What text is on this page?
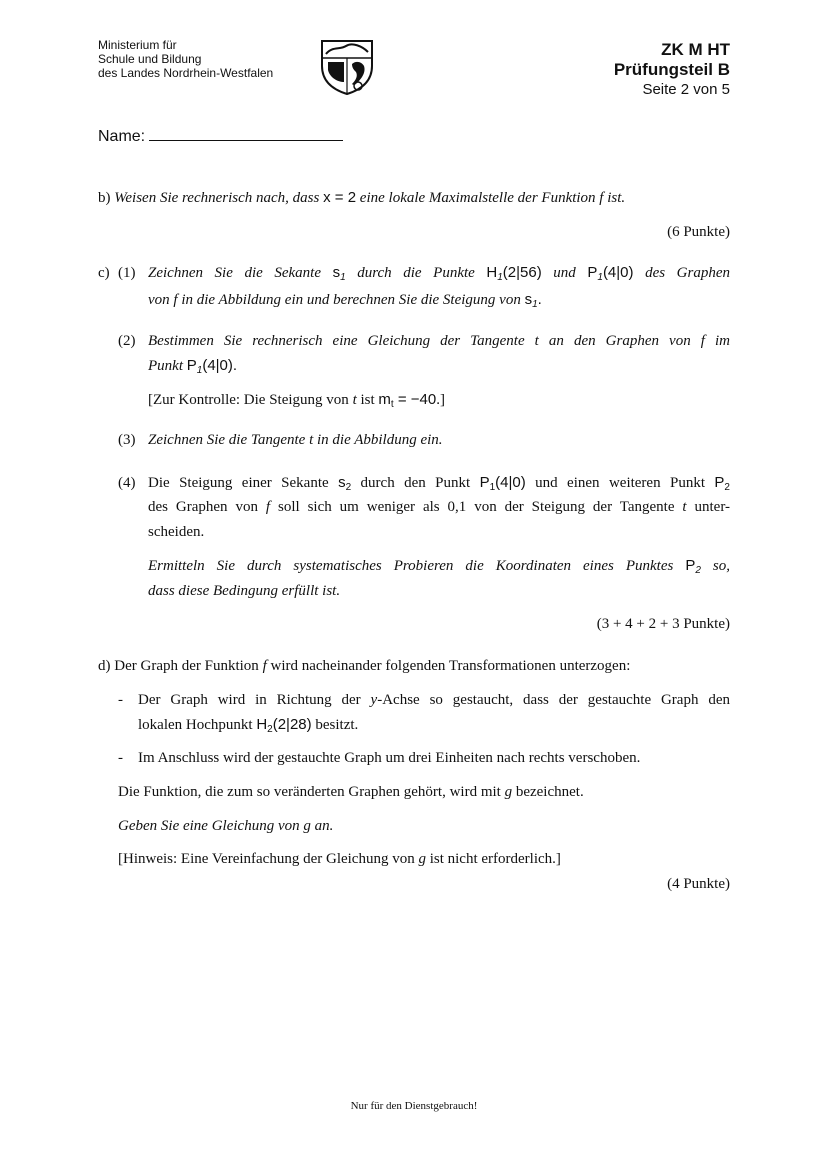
Ministerium für
Schule und Bildung
des Landes Nordrhein-Westfalen
ZK M HT
Prüfungsteil B
Seite 2 von 5
Name:
b) Weisen Sie rechnerisch nach, dass x = 2 eine lokale Maximalstelle der Funktion f ist.
(6 Punkte)
c) (1) Zeichnen Sie die Sekante $s_1$ durch die Punkte $H_1(2|56)$ und $P_1(4|0)$ des Graphen
von f in die Abbildung ein und berechnen Sie die Steigung von $s_1$.
(2) Bestimmen Sie rechnerisch eine Gleichung der Tangente t an den Graphen von f im
Punkt $P_1(4|0)$.
[Zur Kontrolle: Die Steigung von t ist $m_t = -40$.]
(3) Zeichnen Sie die Tangente t in die Abbildung ein.
(4) Die Steigung einer Sekante $s_2$ durch den Punkt $P_1(4|0)$ und einen weiteren Punkt $P_2$
des Graphen von f soll sich um weniger als 0,1 von der Steigung der Tangente t unter-
scheiden.
Ermitteln Sie durch systematisches Probieren die Koordinaten eines Punktes $P_2$ so,
dass diese Bedingung erfüllt ist.
(3 + 4 + 2 + 3 Punkte)
d) Der Graph der Funktion f wird nacheinander folgenden Transformationen unterzogen:
- Der Graph wird in Richtung der y-Achse so gestaucht, dass der gestauchte Graph den
lokalen Hochpunkt $H_2(2|28)$ besitzt.
- Im Anschluss wird der gestauchte Graph um drei Einheiten nach rechts verschoben.
Die Funktion, die zum so veränderten Graphen gehört, wird mit g bezeichnet.
Geben Sie eine Gleichung von g an.
[Hinweis: Eine Vereinfachung der Gleichung von g ist nicht erforderlich.]
(4 Punkte)
Nur für den Dienstgebrauch!
